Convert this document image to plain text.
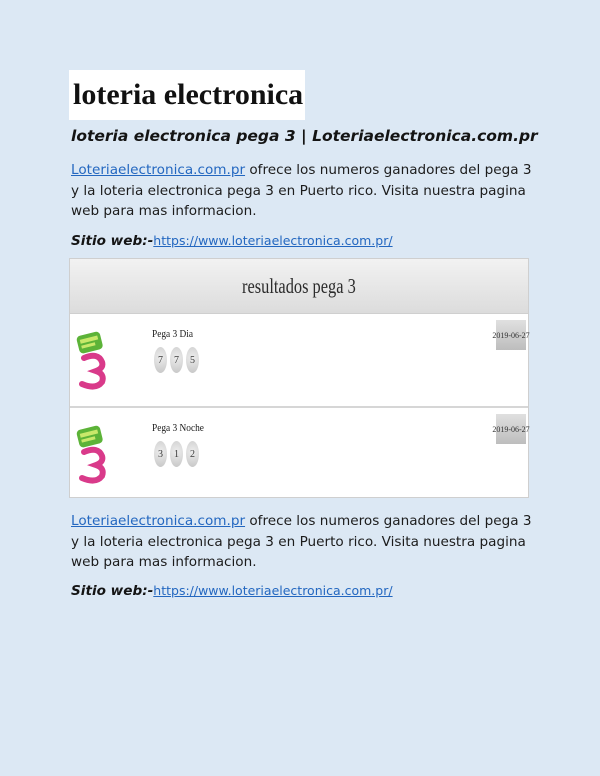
loteria electronica
loteria electronica pega 3 | Loteriaelectronica.com.pr
Loteriaelectronica.com.pr ofrece los numeros ganadores del pega 3 y la loteria electronica pega 3 en Puerto rico. Visita nuestra pagina web para mas informacion.
Sitio web:-https://www.loteriaelectronica.com.pr/
resultados pega 3
Pega 3 Dia
7	7	5
2019-06-27
Pega 3 Noche
3	1	2
2019-06-27
Loteriaelectronica.com.pr ofrece los numeros ganadores del pega 3 y la loteria electronica pega 3 en Puerto rico. Visita nuestra pagina web para mas informacion.
Sitio web:-https://www.loteriaelectronica.com.pr/
